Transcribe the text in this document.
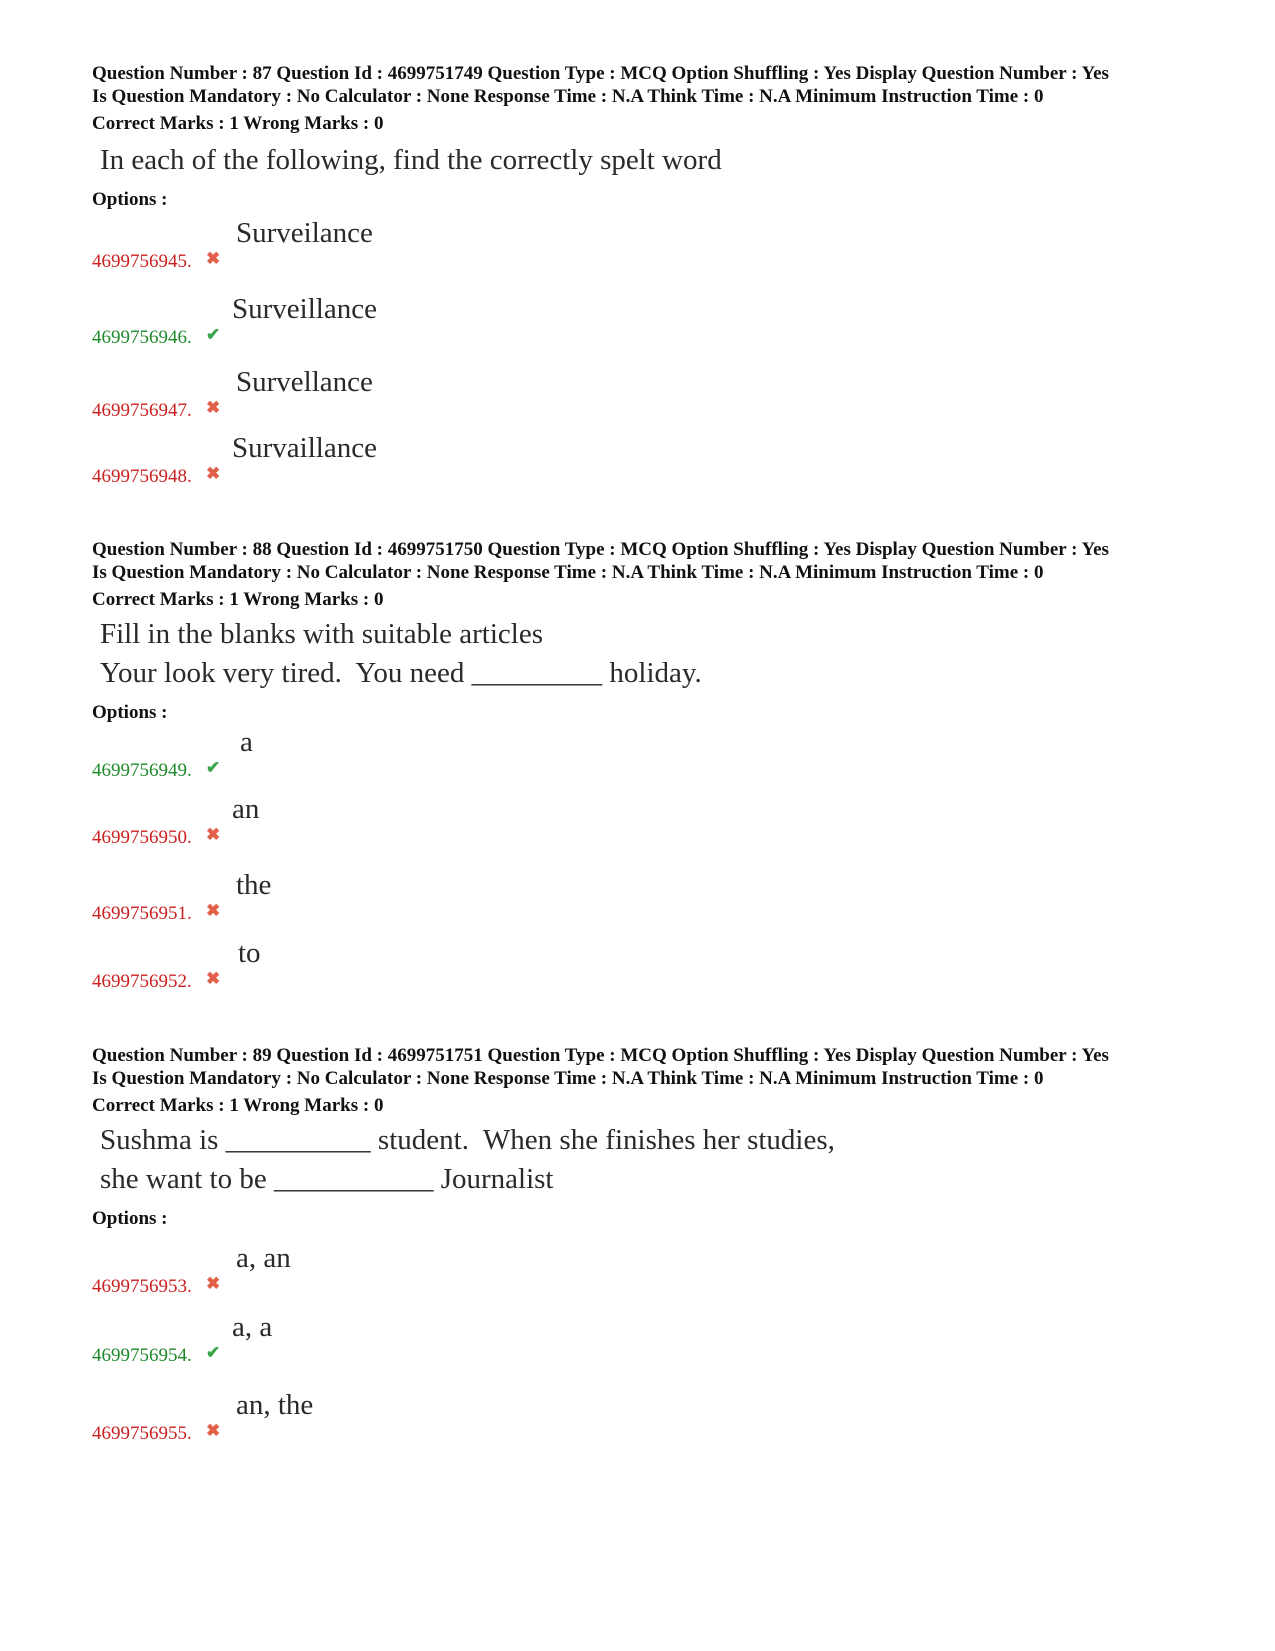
Question Number : 87 Question Id : 4699751749 Question Type : MCQ Option Shuffling : Yes Display Question Number : Yes

Is Question Mandatory : No Calculator : None Response Time : N.A Think Time : N.A Minimum Instruction Time : 0

Correct Marks : 1 Wrong Marks : 0
In each of the following, find the correctly spelt word
Options :
4699756945. ✖
Surveilance
4699756946. ✔
Surveillance
4699756947. ✖
Survellance
4699756948. ✖
Survaillance

Question Number : 88 Question Id : 4699751750 Question Type : MCQ Option Shuffling : Yes Display Question Number : Yes

Is Question Mandatory : No Calculator : None Response Time : N.A Think Time : N.A Minimum Instruction Time : 0

Correct Marks : 1 Wrong Marks : 0
Fill in the blanks with suitable articles
Your look very tired.  You need _________ holiday.
Options :
4699756949. ✔
a
4699756950. ✖
an
4699756951. ✖
the
4699756952. ✖
to

Question Number : 89 Question Id : 4699751751 Question Type : MCQ Option Shuffling : Yes Display Question Number : Yes

Is Question Mandatory : No Calculator : None Response Time : N.A Think Time : N.A Minimum Instruction Time : 0

Correct Marks : 1 Wrong Marks : 0
Sushma is __________ student.  When she finishes her studies,
she want to be ___________ Journalist
Options :
4699756953. ✖
a, an
4699756954. ✔
a, a
4699756955. ✖
an, the
